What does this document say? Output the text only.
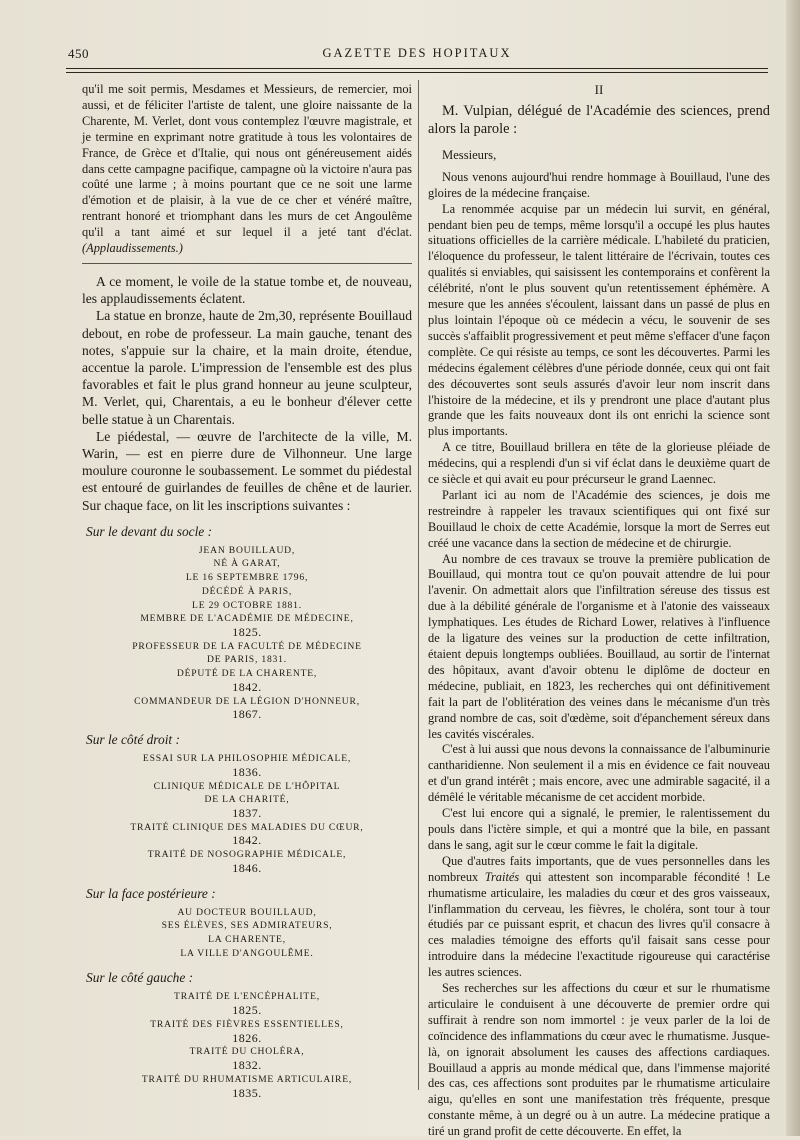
450	GAZETTE DES HOPITAUX

qu'il me soit permis, Mesdames et Messieurs, de remercier, moi aussi, et de féliciter l'artiste de talent, une gloire naissante de la Charente, M. Verlet, dont vous contemplez l'œuvre magistrale, et je termine en exprimant notre gratitude à tous les volontaires de France, de Grèce et d'Italie, qui nous ont généreusement aidés dans cette campagne pacifique, campagne où la victoire n'aura pas coûté une larme ; à moins pourtant que ce ne soit une larme d'émotion et de plaisir, à la vue de ce cher et vénéré maître, rentrant honoré et triomphant dans les murs de cet Angoulême qu'il a tant aimé et sur lequel il a jeté tant d'éclat. (Applaudissements.)

A ce moment, le voile de la statue tombe et, de nouveau, les applaudissements éclatent.

La statue en bronze, haute de 2m,30, représente Bouillaud debout, en robe de professeur. La main gauche, tenant des notes, s'appuie sur la chaire, et la main droite, étendue, accentue la parole. L'impression de l'ensemble est des plus favorables et fait le plus grand honneur au jeune sculpteur, M. Verlet, qui, Charentais, a eu le bonheur d'élever cette belle statue à un Charentais.

Le piédestal, — œuvre de l'architecte de la ville, M. Warin, — est en pierre dure de Vilhonneur. Une large moulure couronne le soubassement. Le sommet du piédestal est entouré de guirlandes de feuilles de chêne et de laurier. Sur chaque face, on lit les inscriptions suivantes :

Sur le devant du socle :
JEAN BOUILLAUD,
NÉ À GARAT,
LE 16 SEPTEMBRE 1796,
DÉCÉDÉ À PARIS,
LE 29 OCTOBRE 1881.
MEMBRE DE L'ACADÉMIE DE MÉDECINE,
1825.
PROFESSEUR DE LA FACULTÉ DE MÉDECINE
DE PARIS, 1831.
DÉPUTÉ DE LA CHARENTE,
1842.
COMMANDEUR DE LA LÉGION D'HONNEUR,
1867.
Sur le côté droit :
ESSAI SUR LA PHILOSOPHIE MÉDICALE,
1836.
CLINIQUE MÉDICALE DE L'HÔPITAL
DE LA CHARITÉ,
1837.
TRAITÉ CLINIQUE DES MALADIES DU CŒUR,
1842.
TRAITÉ DE NOSOGRAPHIE MÉDICALE,
1846.
Sur la face postérieure :
AU DOCTEUR BOUILLAUD,
SES ÉLÈVES, SES ADMIRATEURS,
LA CHARENTE,
LA VILLE D'ANGOULÊME.
Sur le côté gauche :
TRAITÉ DE L'ENCÉPHALITE,
1825.
TRAITÉ DES FIÈVRES ESSENTIELLES,
1826.
TRAITÉ DU CHOLÉRA,
1832.
TRAITÉ DU RHUMATISME ARTICULAIRE,
1835.
II

M. Vulpian, délégué de l'Académie des sciences, prend alors la parole :

Messieurs,

Nous venons aujourd'hui rendre hommage à Bouillaud, l'une des gloires de la médecine française.

La renommée acquise par un médecin lui survit, en général, pendant bien peu de temps, même lorsqu'il a occupé les plus hautes situations officielles de la carrière médicale. L'habileté du praticien, l'éloquence du professeur, le talent littéraire de l'écrivain, toutes ces qualités si enviables, qui saisissent les contemporains et confèrent la célébrité, n'ont le plus souvent qu'un retentissement éphémère. A mesure que les années s'écoulent, laissant dans un passé de plus en plus lointain l'époque où ce médecin a vécu, le souvenir de ses succès s'affaiblit progressivement et peut même s'effacer d'une façon complète. Ce qui résiste au temps, ce sont les découvertes. Parmi les médecins également célèbres d'une période donnée, ceux qui ont fait des découvertes sont seuls assurés d'avoir leur nom inscrit dans l'histoire de la médecine, et ils y prendront une place d'autant plus grande que les faits nouveaux dont ils ont enrichi la science sont plus importants.

A ce titre, Bouillaud brillera en tête de la glorieuse pléiade de médecins, qui a resplendi d'un si vif éclat dans le deuxième quart de ce siècle et qui avait eu pour précurseur le grand Laennec.

Parlant ici au nom de l'Académie des sciences, je dois me restreindre à rappeler les travaux scientifiques qui ont fixé sur Bouillaud le choix de cette Académie, lorsque la mort de Serres eut créé une vacance dans la section de médecine et de chirurgie.

Au nombre de ces travaux se trouve la première publication de Bouillaud, qui montra tout ce qu'on pouvait attendre de lui pour l'avenir. On admettait alors que l'infiltration séreuse des tissus est due à la débilité générale de l'organisme et à l'atonie des vaisseaux lymphatiques. Les études de Richard Lower, relatives à l'influence de la ligature des veines sur la production de cette infiltration, étaient depuis longtemps oubliées. Bouillaud, au sortir de l'internat des hôpitaux, avant d'avoir obtenu le diplôme de docteur en médecine, publiait, en 1823, les recherches qui ont définitivement fait la part de l'oblitération des veines dans le mécanisme d'un très grand nombre de cas, soit d'œdème, soit d'épanchement séreux dans les cavités viscérales.

C'est à lui aussi que nous devons la connaissance de l'albuminurie cantharidienne. Non seulement il a mis en évidence ce fait nouveau et d'un grand intérêt ; mais encore, avec une admirable sagacité, il a démêlé le véritable mécanisme de cet accident morbide.

C'est lui encore qui a signalé, le premier, le ralentissement du pouls dans l'ictère simple, et qui a montré que la bile, en passant dans le sang, agit sur le cœur comme le fait la digitale.

Que d'autres faits importants, que de vues personnelles dans les nombreux Traités qui attestent son incomparable fécondité ! Le rhumatisme articulaire, les maladies du cœur et des gros vaisseaux, l'inflammation du cerveau, les fièvres, le choléra, sont tour à tour étudiés par ce puissant esprit, et chacun des livres qu'il consacre à ces maladies témoigne des efforts qu'il faisait sans cesse pour introduire dans la médecine l'exactitude rigoureuse qui caractérise les autres sciences.

Ses recherches sur les affections du cœur et sur le rhumatisme articulaire le conduisent à une découverte de premier ordre qui suffirait à rendre son nom immortel : je veux parler de la loi de coïncidence des inflammations du cœur avec le rhumatisme. Jusque-là, on ignorait absolument les causes des affections cardiaques. Bouillaud a appris au monde médical que, dans l'immense majorité des cas, ces affections sont produites par le rhumatisme articulaire aigu, qu'elles en sont une manifestation très fréquente, presque constante même, à un degré ou à un autre. La médecine pratique a tiré un grand profit de cette découverte. En effet, la
